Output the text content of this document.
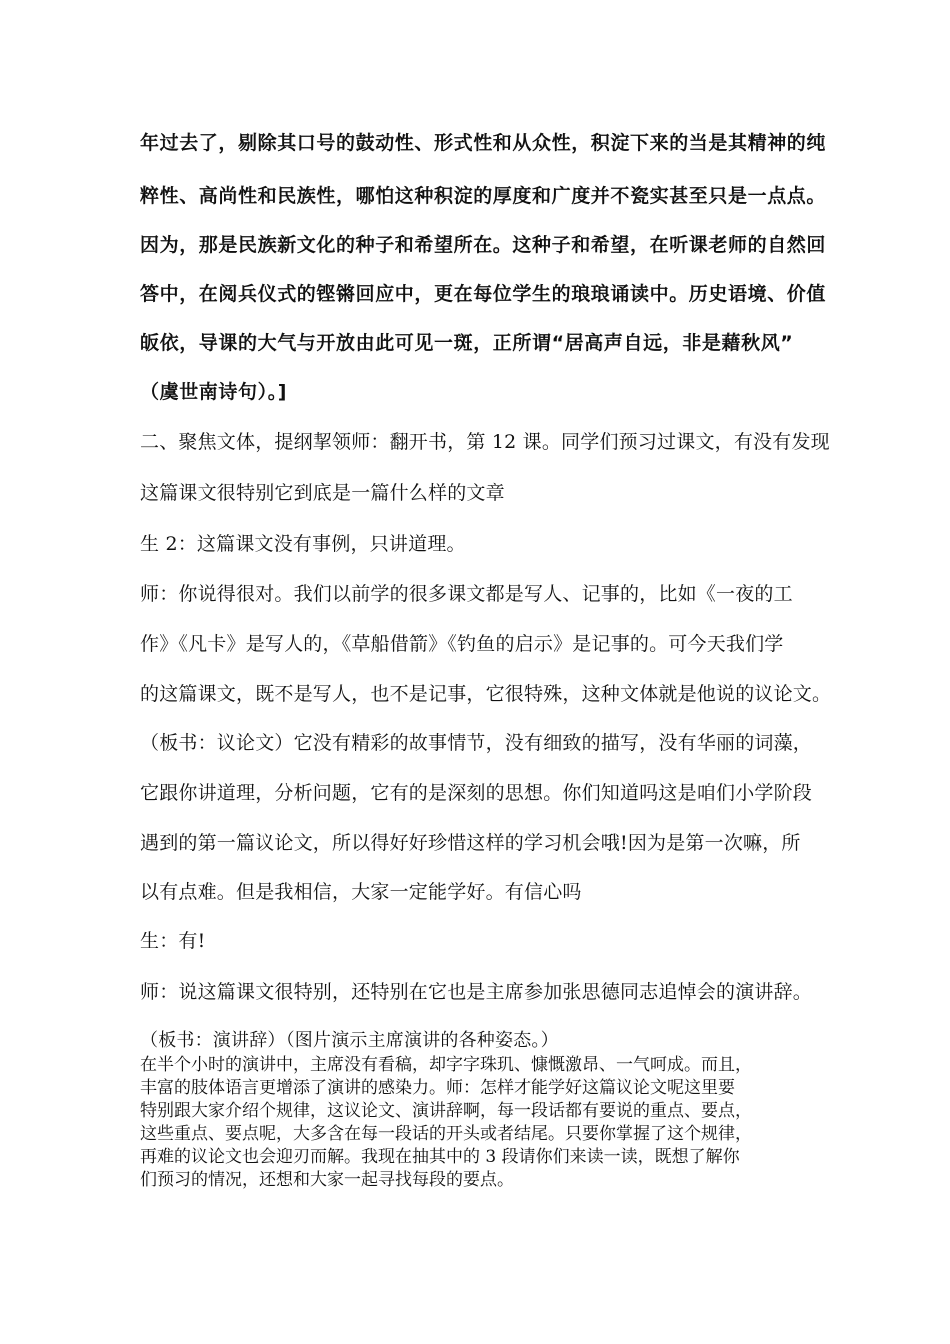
年过去了，剔除其口号的鼓动性、形式性和从众性，积淀下来的当是其精神的纯
粹性、高尚性和民族性，哪怕这种积淀的厚度和广度并不瓷实甚至只是一点点。
因为，那是民族新文化的种子和希望所在。这种子和希望，在听课老师的自然回
答中，在阅兵仪式的铿锵回应中，更在每位学生的琅琅诵读中。历史语境、价值
皈依，导课的大气与开放由此可见一斑，正所谓“居高声自远，非是藉秋风”
（虞世南诗句）。]
二、聚焦文体，提纲挈领师：翻开书，第 12 课。同学们预习过课文，有没有发现
这篇课文很特别它到底是一篇什么样的文章
生 2：这篇课文没有事例，只讲道理。
师：你说得很对。我们以前学的很多课文都是写人、记事的，比如《一夜的工
作》《凡卡》是写人的，《草船借箭》《钓鱼的启示》是记事的。可今天我们学
的这篇课文，既不是写人，也不是记事，它很特殊，这种文体就是他说的议论文。
（板书：议论文）它没有精彩的故事情节，没有细致的描写，没有华丽的词藻，
它跟你讲道理，分析问题，它有的是深刻的思想。你们知道吗这是咱们小学阶段
遇到的第一篇议论文，所以得好好珍惜这样的学习机会哦!因为是第一次嘛，所
以有点难。但是我相信，大家一定能学好。有信心吗
生：有!
师：说这篇课文很特别，还特别在它也是主席参加张思德同志追悼会的演讲辞。
（板书：演讲辞）（图片演示主席演讲的各种姿态。）
在半个小时的演讲中，主席没有看稿，却字字珠玑、慷慨激昂、一气呵成。而且，
丰富的肢体语言更增添了演讲的感染力。师：怎样才能学好这篇议论文呢这里要
特别跟大家介绍个规律，这议论文、演讲辞啊，每一段话都有要说的重点、要点，
这些重点、要点呢，大多含在每一段话的开头或者结尾。只要你掌握了这个规律，
再难的议论文也会迎刃而解。我现在抽其中的 3 段请你们来读一读，既想了解你
们预习的情况，还想和大家一起寻找每段的要点。
